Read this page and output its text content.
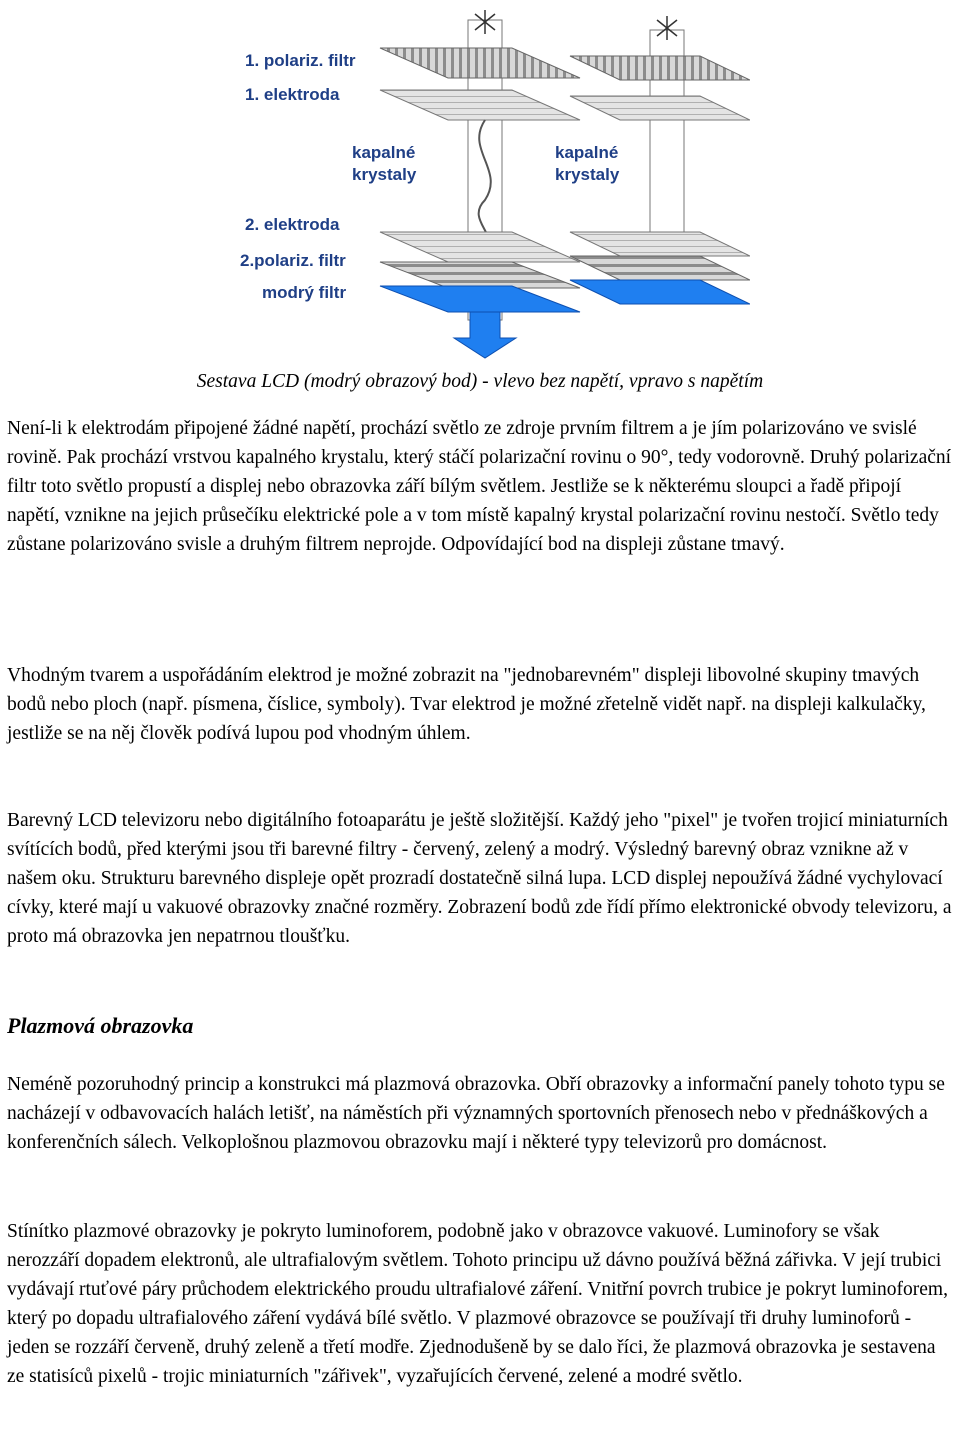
1. polariz. filtr
1. elektroda
kapalné
krystaly
kapalné
krystaly
2. elektroda
2.polariz. filtr
modrý filtr
Sestava LCD (modrý obrazový bod) - vlevo bez napětí, vpravo s napětím

Není-li k elektrodám připojené žádné napětí, prochází světlo ze zdroje prvním filtrem a je jím polarizováno ve svislé rovině. Pak prochází vrstvou kapalného krystalu, který stáčí polarizační rovinu o 90°, tedy vodorovně. Druhý polarizační filtr toto světlo propustí a displej nebo obrazovka září bílým světlem. Jestliže se k některému sloupci a řadě připojí napětí, vznikne na jejich průsečíku elektrické pole a v tom místě kapalný krystal polarizační rovinu nestočí. Světlo tedy zůstane polarizováno svisle a druhým filtrem neprojde. Odpovídající bod na displeji zůstane tmavý.

Vhodným tvarem a uspořádáním elektrod je možné zobrazit na "jednobarevném" displeji libovolné skupiny tmavých bodů nebo ploch (např. písmena, číslice, symboly). Tvar elektrod je možné zřetelně vidět např. na displeji kalkulačky, jestliže se na něj člověk podívá lupou pod vhodným úhlem.

Barevný LCD televizoru nebo digitálního fotoaparátu je ještě složitější. Každý jeho "pixel" je tvořen trojicí miniaturních svítících bodů, před kterými jsou tři barevné filtry - červený, zelený a modrý. Výsledný barevný obraz vznikne až v našem oku. Strukturu barevného displeje opět prozradí dostatečně silná lupa. LCD displej nepoužívá žádné vychylovací cívky, které mají u vakuové obrazovky značné rozměry. Zobrazení bodů zde řídí přímo elektronické obvody televizoru, a proto má obrazovka jen nepatrnou tloušťku.

Plazmová obrazovka

Neméně pozoruhodný princip a konstrukci má plazmová obrazovka. Obří obrazovky a informační panely tohoto typu se nacházejí v odbavovacích halách letišť, na náměstích při významných sportovních přenosech nebo v přednáškových a konferenčních sálech. Velkoplošnou plazmovou obrazovku mají i některé typy televizorů pro domácnost.

Stínítko plazmové obrazovky je pokryto luminoforem, podobně jako v obrazovce vakuové. Luminofory se však nerozzáří dopadem elektronů, ale ultrafialovým světlem. Tohoto principu už dávno používá běžná zářivka. V její trubici vydávají rtuťové páry průchodem elektrického proudu ultrafialové záření. Vnitřní povrch trubice je pokryt luminoforem, který po dopadu ultrafialového záření vydává bílé světlo. V plazmové obrazovce se používají tři druhy luminoforů - jeden se rozzáří červeně, druhý zeleně a třetí modře. Zjednodušeně by se dalo říci, že plazmová obrazovka je sestavena ze statisíců pixelů - trojic miniaturních "zářivek", vyzařujících červené, zelené a modré světlo.
